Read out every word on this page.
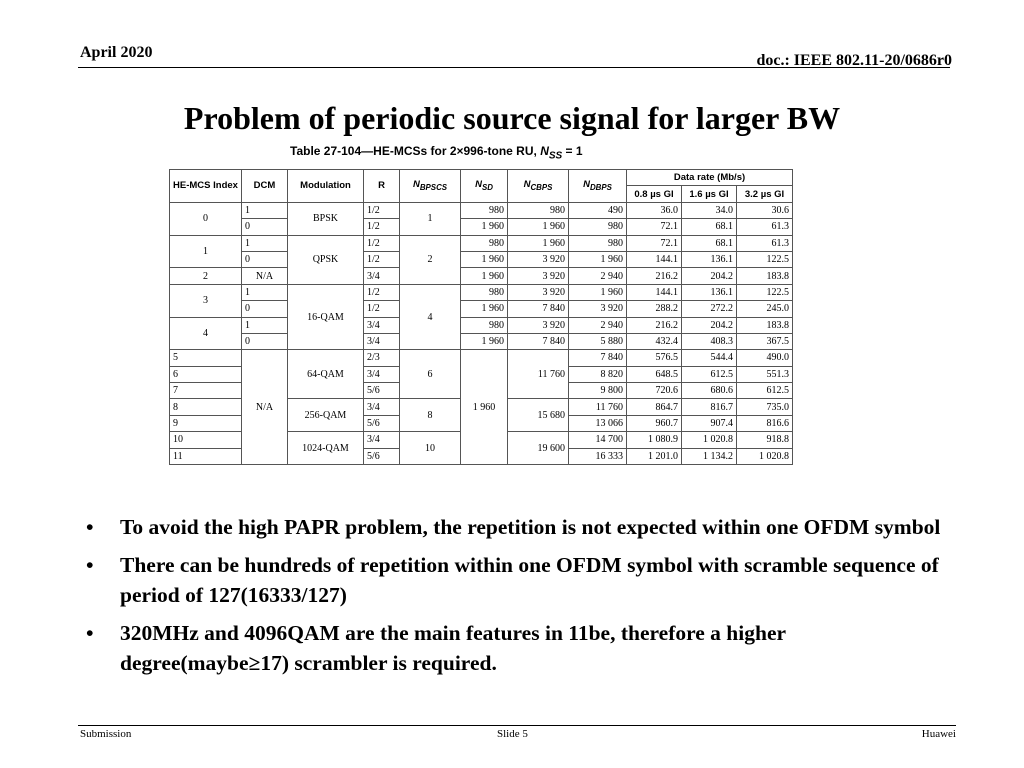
April 2020	doc.: IEEE 802.11-20/0686r0
Problem of periodic source signal for larger BW
Table 27-104—HE-MCSs for 2×996-tone RU, $N_{SS} = 1$
HE-MCS Index	DCM	Modulation	R	$N_{BPSCS}$	$N_{SD}$	$N_{CBPS}$	$N_{DBPS}$	Data rate (Mb/s)		
								0.8 µs GI	1.6 µs GI	3.2 µs GI
0	1	BPSK	1/2	1	980	980	490	36.0	34.0	30.6
	0		1/2		1 960	1 960	980	72.1	68.1	61.3
1	1	QPSK	1/2	2	980	1 960	980	72.1	68.1	61.3
	0		1/2		1 960	3 920	1 960	144.1	136.1	122.5
2	N/A		3/4		1 960	3 920	2 940	216.2	204.2	183.8
3	1	16-QAM	1/2	4	980	3 920	1 960	144.1	136.1	122.5
	0		1/2		1 960	7 840	3 920	288.2	272.2	245.0
4	1		3/4		980	3 920	2 940	216.2	204.2	183.8
	0		3/4		1 960	7 840	5 880	432.4	408.3	367.5
5	N/A	64-QAM	2/3	6	1 960	11 760	7 840	576.5	544.4	490.0
6			3/4				8 820	648.5	612.5	551.3
7			5/6				9 800	720.6	680.6	612.5
8		256-QAM	3/4	8		15 680	11 760	864.7	816.7	735.0
9			5/6				13 066	960.7	907.4	816.6
10		1024-QAM	3/4	10		19 600	14 700	1 080.9	1 020.8	918.8
11			5/6				16 333	1 201.0	1 134.2	1 020.8
• To avoid the high PAPR problem, the repetition is not expected within one OFDM symbol
• There can be hundreds of repetition within one OFDM symbol with scramble sequence of period of 127(16333/127)
• 320MHz and 4096QAM are the main features in 11be, therefore a higher degree(maybe≥17) scrambler is required.
Submission	Slide 5	Huawei
